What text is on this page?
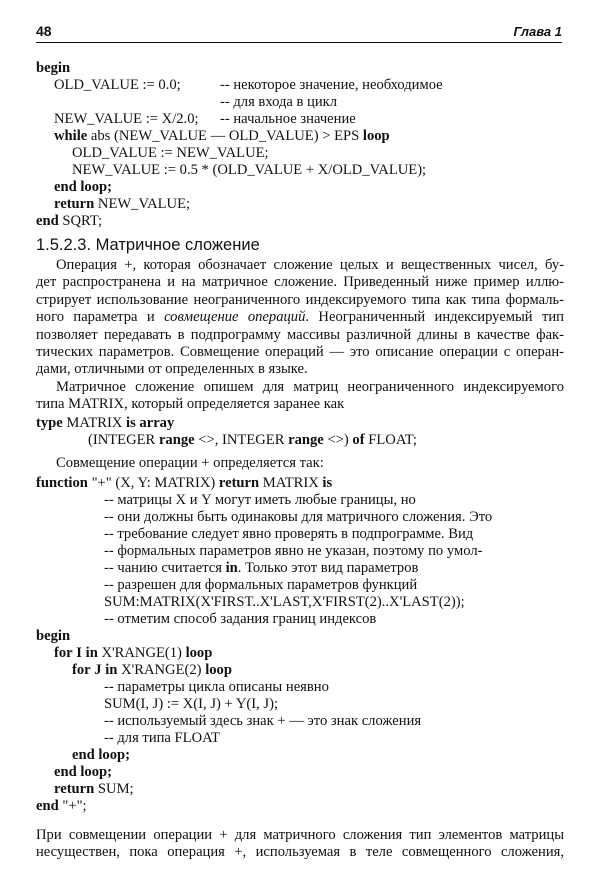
48	Глава 1
begin
OLD_VALUE := 0.0;	-- некоторое значение, необходимое
-- для входа в цикл
NEW_VALUE := X/2.0; -- начальное значение
while abs (NEW_VALUE — OLD_VALUE) > EPS loop
OLD_VALUE := NEW_VALUE;
NEW_VALUE := 0.5 * (OLD_VALUE + X/OLD_VALUE);
end loop;
return NEW_VALUE;
end SQRT;
1.5.2.3. Матричное сложение
Операция +, которая обозначает сложение целых и вещественных чисел, бу-
дет распространена и на матричное сложение. Приведенный ниже пример иллю-
стрирует использование неограниченного индексируемого типа как типа формаль-
ного параметра и совмещение операций. Неограниченный индексируемый тип
позволяет передавать в подпрограмму массивы различной длины в качестве фак-
тических параметров. Совмещение операций — это описание операции с операн-
дами, отличными от определенных в языке.
Матричное сложение опишем для матриц неограниченного индексируемого
типа MATRIX, который определяется заранее как
type MATRIX is array
(INTEGER range <>, INTEGER range <>) of FLOAT;
Совмещение операции + определяется так:
function "+" (X, Y: MATRIX) return MATRIX is
-- матрицы X и Y могут иметь любые границы, но
-- они должны быть одинаковы для матричного сложения. Это
-- требование следует явно проверять в подпрограмме. Вид
-- формальных параметров явно не указан, поэтому по умол-
-- чанию считается in. Только этот вид параметров
-- разрешен для формальных параметров функций
SUM:MATRIX(X'FIRST..X'LAST,X'FIRST(2)..X'LAST(2));
-- отметим способ задания границ индексов
begin
for I in X'RANGE(1) loop
for J in X'RANGE(2) loop
-- параметры цикла описаны неявно
SUM(I, J) := X(I, J) + Y(I, J);
-- используемый здесь знак + — это знак сложения
-- для типа FLOAT
end loop;
end loop;
return SUM;
end "+";
При совмещении операции + для матричного сложения тип элементов матрицы
несуществен, пока операция +, используемая в теле совмещенного сложения,
